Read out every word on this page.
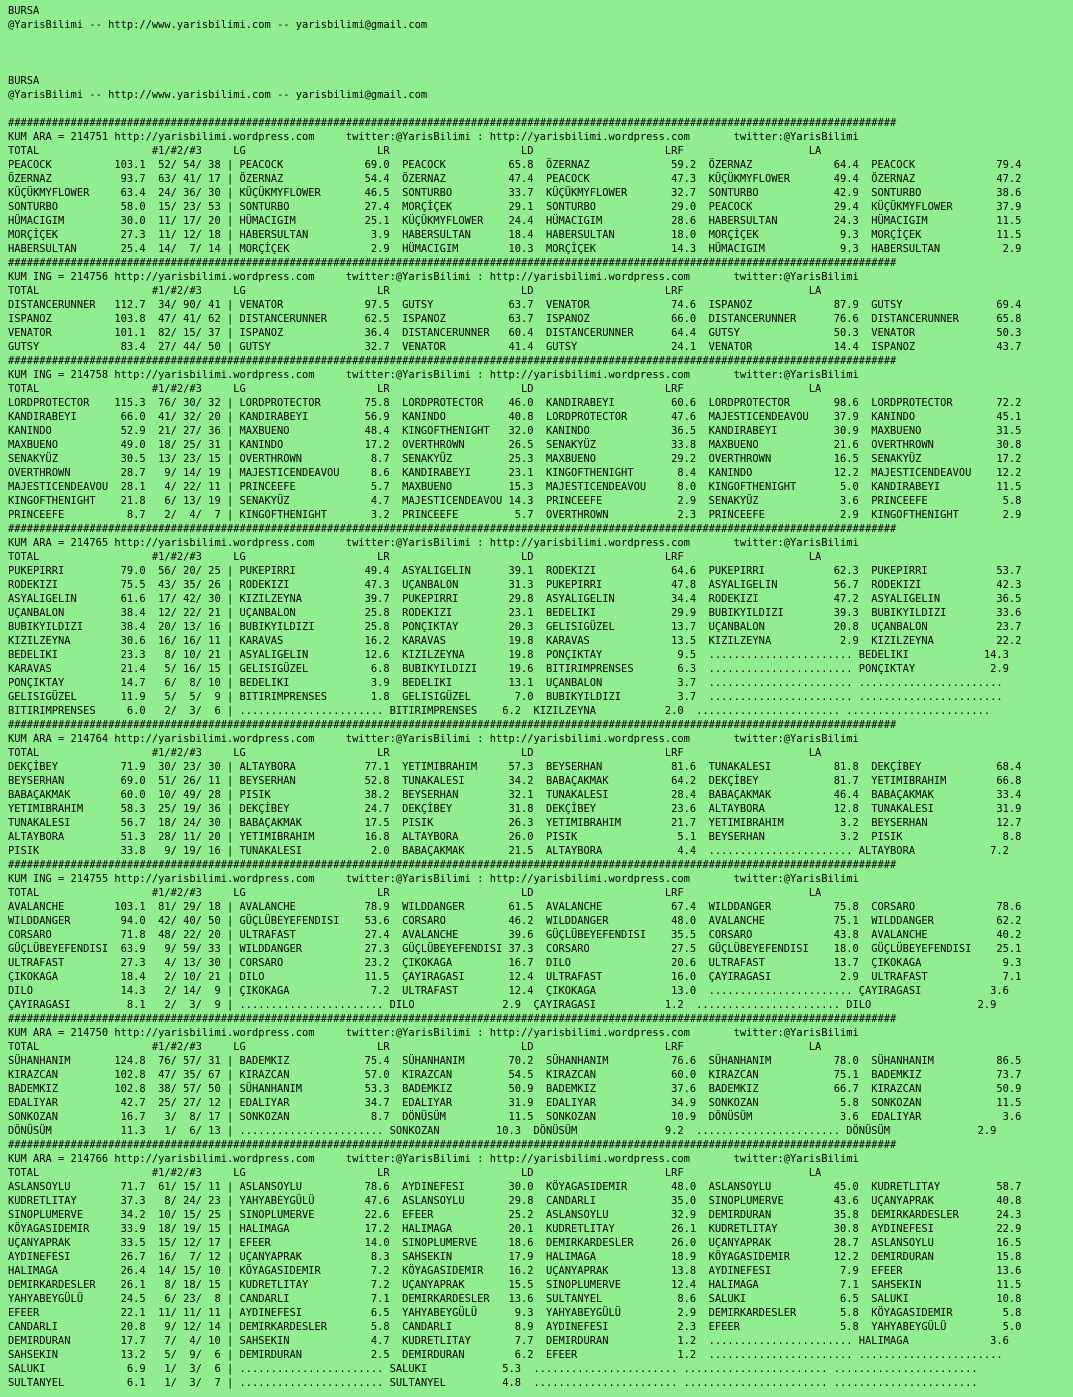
BURSA
@YarisBilimi -- http://www.yarisbilimi.com -- yarisbilimi@gmail.com
BURSA
@YarisBilimi -- http://www.yarisbilimi.com -- yarisbilimi@gmail.com
##############################################################################################################################################
KUM ARA = 214751 http://yarisbilimi.wordpress.com     twitter:@YarisBilimi : http://yarisbilimi.wordpress.com       twitter:@YarisBilimi
TOTAL                  #1/#2/#3     LG                     LR                     LD                     LRF                    LA
PEACOCK          103.1  52/ 54/ 38 | PEACOCK             69.0  PEACOCK          65.8  ÖZERNAZ             59.2  ÖZERNAZ             64.4  PEACOCK             79.4
ÖZERNAZ           93.7  63/ 41/ 17 | ÖZERNAZ             54.4  ÖZERNAZ          47.4  PEACOCK             47.3  KÜÇÜKMYFLOWER       49.4  ÖZERNAZ             47.2
KÜÇÜKMYFLOWER     63.4  24/ 36/ 30 | KÜÇÜKMYFLOWER       46.5  SONTURBO         33.7  KÜÇÜKMYFLOWER       32.7  SONTURBO            42.9  SONTURBO            38.6
SONTURBO          58.0  15/ 23/ 53 | SONTURBO            27.4  MORÇİÇEK         29.1  SONTURBO            29.0  PEACOCK             29.4  KÜÇÜKMYFLOWER       37.9
HÜMACIGIM         30.0  11/ 17/ 20 | HÜMACIGIM           25.1  KÜÇÜKMYFLOWER    24.4  HÜMACIGIM           28.6  HABERSULTAN         24.3  HÜMACIGIM           11.5
MORÇİÇEK          27.3  11/ 12/ 18 | HABERSULTAN          3.9  HABERSULTAN      18.4  HABERSULTAN         18.0  MORÇİÇEK             9.3  MORÇİÇEK            11.5
HABERSULTAN       25.4  14/  7/ 14 | MORÇİÇEK             2.9  HÜMACIGIM        10.3  MORÇİÇEK            14.3  HÜMACIGIM            9.3  HABERSULTAN          2.9
##############################################################################################################################################
KUM ING = 214756 http://yarisbilimi.wordpress.com     twitter:@YarisBilimi : http://yarisbilimi.wordpress.com       twitter:@YarisBilimi
TOTAL                  #1/#2/#3     LG                     LR                     LD                     LRF                    LA
DISTANCERUNNER   112.7  34/ 90/ 41 | VENATOR             97.5  GUTSY            63.7  VENATOR             74.6  ISPANOZ             87.9  GUTSY               69.4
ISPANOZ          103.8  47/ 41/ 62 | DISTANCERUNNER      62.5  ISPANOZ          63.7  ISPANOZ             66.0  DISTANCERUNNER      76.6  DISTANCERUNNER      65.8
VENATOR          101.1  82/ 15/ 37 | ISPANOZ             36.4  DISTANCERUNNER   60.4  DISTANCERUNNER      64.4  GUTSY               50.3  VENATOR             50.3
GUTSY             83.4  27/ 44/ 50 | GUTSY               32.7  VENATOR          41.4  GUTSY               24.1  VENATOR             14.4  ISPANOZ             43.7
##############################################################################################################################################
KUM ING = 214758 http://yarisbilimi.wordpress.com     twitter:@YarisBilimi : http://yarisbilimi.wordpress.com       twitter:@YarisBilimi
TOTAL                  #1/#2/#3     LG                     LR                     LD                     LRF                    LA
LORDPROTECTOR    115.3  76/ 30/ 32 | LORDPROTECTOR       75.8  LORDPROTECTOR    46.0  KANDIRABEYI         60.6  LORDPROTECTOR       98.6  LORDPROTECTOR       72.2
KANDIRABEYI       66.0  41/ 32/ 20 | KANDIRABEYI         56.9  KANINDO          40.8  LORDPROTECTOR       47.6  MAJESTICENDEAVOU    37.9  KANINDO             45.1
KANINDO           52.9  21/ 27/ 36 | MAXBUENO            48.4  KINGOFTHENIGHT   32.0  KANINDO             36.5  KANDIRABEYI         30.9  MAXBUENO            31.5
MAXBUENO          49.0  18/ 25/ 31 | KANINDO             17.2  OVERTHROWN       26.5  SENAKYÜZ            33.8  MAXBUENO            21.6  OVERTHROWN          30.8
SENAKYÜZ          30.5  13/ 23/ 15 | OVERTHROWN           8.7  SENAKYÜZ         25.3  MAXBUENO            29.2  OVERTHROWN          16.5  SENAKYÜZ            17.2
OVERTHROWN        28.7   9/ 14/ 19 | MAJESTICENDEAVOU     8.6  KANDIRABEYI      23.1  KINGOFTHENIGHT       8.4  KANINDO             12.2  MAJESTICENDEAVOU    12.2
MAJESTICENDEAVOU  28.1   4/ 22/ 11 | PRINCEEFE            5.7  MAXBUENO         15.3  MAJESTICENDEAVOU     8.0  KINGOFTHENIGHT       5.0  KANDIRABEYI         11.5
KINGOFTHENIGHT    21.8   6/ 13/ 19 | SENAKYÜZ             4.7  MAJESTICENDEAVOU 14.3  PRINCEEFE            2.9  SENAKYÜZ             3.6  PRINCEEFE            5.8
PRINCEEFE          8.7   2/  4/  7 | KINGOFTHENIGHT       3.2  PRINCEEFE         5.7  OVERTHROWN           2.3  PRINCEEFE            2.9  KINGOFTHENIGHT       2.9
##############################################################################################################################################
KUM ARA = 214765 http://yarisbilimi.wordpress.com     twitter:@YarisBilimi : http://yarisbilimi.wordpress.com       twitter:@YarisBilimi
TOTAL                  #1/#2/#3     LG                     LR                     LD                     LRF                    LA
PUKEPIRRI         79.0  56/ 20/ 25 | PUKEPIRRI           49.4  ASYALIGELIN      39.1  RODEKIZI            64.6  PUKEPIRRI           62.3  PUKEPIRRI           53.7
RODEKIZI          75.5  43/ 35/ 26 | RODEKIZI            47.3  UÇANBALON        31.3  PUKEPIRRI           47.8  ASYALIGELIN         56.7  RODEKIZI            42.3
ASYALIGELIN       61.6  17/ 42/ 30 | KIZILZEYNA          39.7  PUKEPIRRI        29.8  ASYALIGELIN         34.4  RODEKIZI            47.2  ASYALIGELIN         36.5
UÇANBALON         38.4  12/ 22/ 21 | UÇANBALON           25.8  RODEKIZI         23.1  BEDELIKI            29.9  BUBIKYILDIZI        39.3  BUBIKYILDIZI        33.6
BUBIKYILDIZI      38.4  20/ 13/ 16 | BUBIKYILDIZI        25.8  PONÇIKTAY        20.3  GELISIGÜZEL         13.7  UÇANBALON           20.8  UÇANBALON           23.7
KIZILZEYNA        30.6  16/ 16/ 11 | KARAVAS             16.2  KARAVAS          19.8  KARAVAS             13.5  KIZILZEYNA           2.9  KIZILZEYNA          22.2
BEDELIKI          23.3   8/ 10/ 21 | ASYALIGELIN         12.6  KIZILZEYNA       19.8  PONÇIKTAY            9.5  ....................... BEDELIKI            14.3
KARAVAS           21.4   5/ 16/ 15 | GELISIGÜZEL          6.8  BUBIKYILDIZI     19.6  BITIRIMPRENSES       6.3  ....................... PONÇIKTAY            2.9
PONÇIKTAY         14.7   6/  8/ 10 | BEDELIKI             3.9  BEDELIKI         13.1  UÇANBALON            3.7  ....................... .......................
GELISIGÜZEL       11.9   5/  5/  9 | BITIRIMPRENSES       1.8  GELISIGÜZEL       7.0  BUBIKYILDIZI         3.7  ....................... .......................
BITIRIMPRENSES     6.0   2/  3/  6 | ....................... BITIRIMPRENSES    6.2  KIZILZEYNA           2.0  ....................... .......................
##############################################################################################################################################
KUM ARA = 214764 http://yarisbilimi.wordpress.com     twitter:@YarisBilimi : http://yarisbilimi.wordpress.com       twitter:@YarisBilimi
TOTAL                  #1/#2/#3     LG                     LR                     LD                     LRF                    LA
DEKÇİBEY          71.9  30/ 23/ 30 | ALTAYBORA           77.1  YETIMIBRAHIM     57.3  BEYSERHAN           81.6  TUNAKALESI          81.8  DEKÇİBEY            68.4
BEYSERHAN         69.0  51/ 26/ 11 | BEYSERHAN           52.8  TUNAKALESI       34.2  BABAÇAKMAK          64.2  DEKÇİBEY            81.7  YETIMIBRAHIM        66.8
BABAÇAKMAK        60.0  10/ 49/ 28 | PISIK               38.2  BEYSERHAN        32.1  TUNAKALESI          28.4  BABAÇAKMAK          46.4  BABAÇAKMAK          33.4
YETIMIBRAHIM      58.3  25/ 19/ 36 | DEKÇİBEY            24.7  DEKÇİBEY         31.8  DEKÇİBEY            23.6  ALTAYBORA           12.8  TUNAKALESI          31.9
TUNAKALESI        56.7  18/ 24/ 30 | BABAÇAKMAK          17.5  PISIK            26.3  YETIMIBRAHIM        21.7  YETIMIBRAHIM         3.2  BEYSERHAN           12.7
ALTAYBORA         51.3  28/ 11/ 20 | YETIMIBRAHIM        16.8  ALTAYBORA        26.0  PISIK                5.1  BEYSERHAN            3.2  PISIK                8.8
PISIK             33.8   9/ 19/ 16 | TUNAKALESI           2.0  BABAÇAKMAK       21.5  ALTAYBORA            4.4  ....................... ALTAYBORA            7.2
##############################################################################################################################################
KUM ING = 214755 http://yarisbilimi.wordpress.com     twitter:@YarisBilimi : http://yarisbilimi.wordpress.com       twitter:@YarisBilimi
TOTAL                  #1/#2/#3     LG                     LR                     LD                     LRF                    LA
AVALANCHE        103.1  81/ 29/ 18 | AVALANCHE           78.9  WILDDANGER       61.5  AVALANCHE           67.4  WILDDANGER          75.8  CORSARO             78.6
WILDDANGER        94.0  42/ 40/ 50 | GÜÇLÜBEYEFENDISI    53.6  CORSARO          46.2  WILDDANGER          48.0  AVALANCHE           75.1  WILDDANGER          62.2
CORSARO           71.8  48/ 22/ 20 | ULTRAFAST           27.4  AVALANCHE        39.6  GÜÇLÜBEYEFENDISI    35.5  CORSARO             43.8  AVALANCHE           40.2
GÜÇLÜBEYEFENDISI  63.9   9/ 59/ 33 | WILDDANGER          27.3  GÜÇLÜBEYEFENDISI 37.3  CORSARO             27.5  GÜÇLÜBEYEFENDISI    18.0  GÜÇLÜBEYEFENDISI    25.1
ULTRAFAST         27.3   4/ 13/ 30 | CORSARO             23.2  ÇIKOKAGA         16.7  DILO                20.6  ULTRAFAST           13.7  ÇIKOKAGA             9.3
ÇIKOKAGA          18.4   2/ 10/ 21 | DILO                11.5  ÇAYIRAGASI       12.4  ULTRAFAST           16.0  ÇAYIRAGASI           2.9  ULTRAFAST            7.1
DILO              14.3   2/ 14/  9 | ÇIKOKAGA             7.2  ULTRAFAST        12.4  ÇIKOKAGA            13.0  ....................... ÇAYIRAGASI           3.6
ÇAYIRAGASI         8.1   2/  3/  9 | ....................... DILO              2.9  ÇAYIRAGASI           1.2  ....................... DILO                 2.9
##############################################################################################################################################
KUM ARA = 214750 http://yarisbilimi.wordpress.com     twitter:@YarisBilimi : http://yarisbilimi.wordpress.com       twitter:@YarisBilimi
TOTAL                  #1/#2/#3     LG                     LR                     LD                     LRF                    LA
SÜHANHANIM       124.8  76/ 57/ 31 | BADEMKIZ            75.4  SÜHANHANIM       70.2  SÜHANHANIM          76.6  SÜHANHANIM          78.0  SÜHANHANIM          86.5
KIRAZCAN         102.8  47/ 35/ 67 | KIRAZCAN            57.0  KIRAZCAN         54.5  KIRAZCAN            60.0  KIRAZCAN            75.1  BADEMKIZ            73.7
BADEMKIZ         102.8  38/ 57/ 50 | SÜHANHANIM          53.3  BADEMKIZ         50.9  BADEMKIZ            37.6  BADEMKIZ            66.7  KIRAZCAN            50.9
EDALIYAR          42.7  25/ 27/ 12 | EDALIYAR            34.7  EDALIYAR         31.9  EDALIYAR            34.9  SONKOZAN             5.8  SONKOZAN            11.5
SONKOZAN          16.7   3/  8/ 17 | SONKOZAN             8.7  DÖNÜSÜM          11.5  SONKOZAN            10.9  DÖNÜSÜM              3.6  EDALIYAR             3.6
DÖNÜSÜM           11.3   1/  6/ 13 | ....................... SONKOZAN         10.3  DÖNÜSÜM              9.2  ....................... DÖNÜSÜM              2.9
##############################################################################################################################################
KUM ARA = 214766 http://yarisbilimi.wordpress.com     twitter:@YarisBilimi : http://yarisbilimi.wordpress.com       twitter:@YarisBilimi
TOTAL                  #1/#2/#3     LG                     LR                     LD                     LRF                    LA
ASLANSOYLU        71.7  61/ 15/ 11 | ASLANSOYLU          78.6  AYDINEFESI       30.0  KÖYAGASIDEMIR       48.0  ASLANSOYLU          45.0  KUDRETLITAY         58.7
KUDRETLITAY       37.3   8/ 24/ 23 | YAHYABEYGÜLÜ        47.6  ASLANSOYLU       29.8  CANDARLI            35.0  SINOPLUMERVE        43.6  UÇANYAPRAK          40.8
SINOPLUMERVE      34.2  10/ 15/ 25 | SINOPLUMERVE        22.6  EFEER            25.2  ASLANSOYLU          32.9  DEMIRDURAN          35.8  DEMIRKARDESLER      24.3
KÖYAGASIDEMIR     33.9  18/ 19/ 15 | HALIMAGA            17.2  HALIMAGA         20.1  KUDRETLITAY         26.1  KUDRETLITAY         30.8  AYDINEFESI          22.9
UÇANYAPRAK        33.5  15/ 12/ 17 | EFEER               14.0  SINOPLUMERVE     18.6  DEMIRKARDESLER      26.0  UÇANYAPRAK          28.7  ASLANSOYLU          16.5
AYDINEFESI        26.7  16/  7/ 12 | UÇANYAPRAK           8.3  SAHSEKIN         17.9  HALIMAGA            18.9  KÖYAGASIDEMIR       12.2  DEMIRDURAN          15.8
HALIMAGA          26.4  14/ 15/ 10 | KÖYAGASIDEMIR        7.2  KÖYAGASIDEMIR    16.2  UÇANYAPRAK          13.8  AYDINEFESI           7.9  EFEER               13.6
DEMIRKARDESLER    26.1   8/ 18/ 15 | KUDRETLITAY          7.2  UÇANYAPRAK       15.5  SINOPLUMERVE        12.4  HALIMAGA             7.1  SAHSEKIN            11.5
YAHYABEYGÜLÜ      24.5   6/ 23/  8 | CANDARLI             7.1  DEMIRKARDESLER   13.6  SULTANYEL            8.6  SALUKI               6.5  SALUKI              10.8
EFEER             22.1  11/ 11/ 11 | AYDINEFESI           6.5  YAHYABEYGÜLÜ      9.3  YAHYABEYGÜLÜ         2.9  DEMIRKARDESLER       5.8  KÖYAGASIDEMIR        5.8
CANDARLI          20.8   9/ 12/ 14 | DEMIRKARDESLER       5.8  CANDARLI          8.9  AYDINEFESI           2.3  EFEER                5.8  YAHYABEYGÜLÜ         5.0
DEMIRDURAN        17.7   7/  4/ 10 | SAHSEKIN             4.7  KUDRETLITAY       7.7  DEMIRDURAN           1.2  ....................... HALIMAGA             3.6
SAHSEKIN          13.2   5/  9/  6 | DEMIRDURAN           2.5  DEMIRDURAN        6.2  EFEER                1.2  ....................... .......................
SALUKI             6.9   1/  3/  6 | ....................... SALUKI            5.3  ....................... ....................... .......................
SULTANYEL          6.1   1/  3/  7 | ....................... SULTANYEL         4.8  ....................... ....................... .......................
